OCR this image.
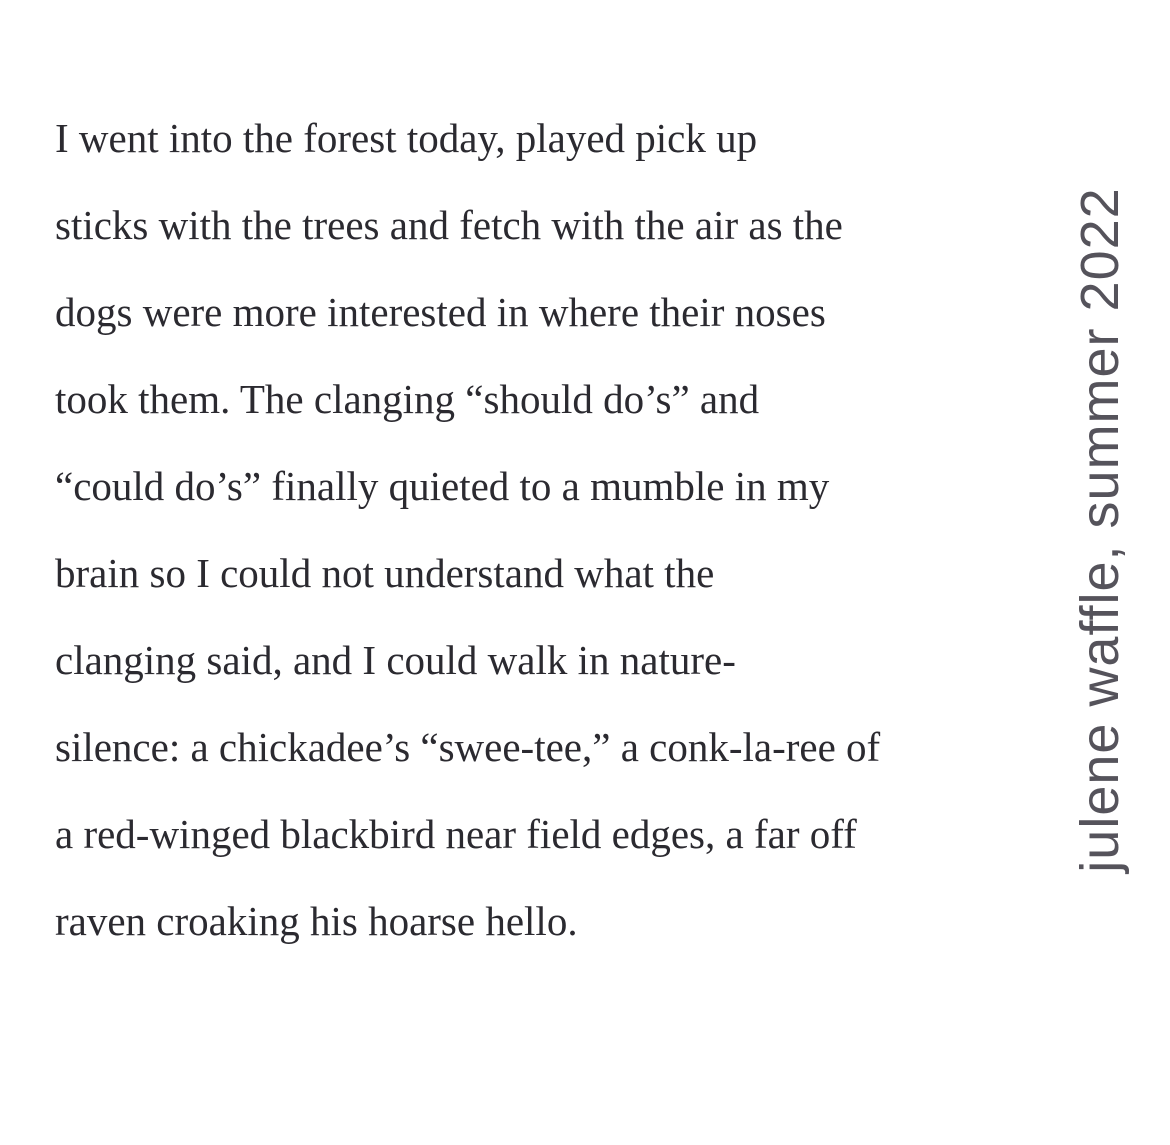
I went into the forest today, played pick up
sticks with the trees and fetch with the air as the
dogs were more interested in where their noses
took them. The clanging “should do’s” and
“could do’s” finally quieted to a mumble in my
brain so I could not understand what the
clanging said, and I could walk in nature-
silence: a chickadee’s “swee-tee,” a conk-la-ree of
a red-winged blackbird near field edges, a far off
raven croaking his hoarse hello.
julene waffle, summer 2022
